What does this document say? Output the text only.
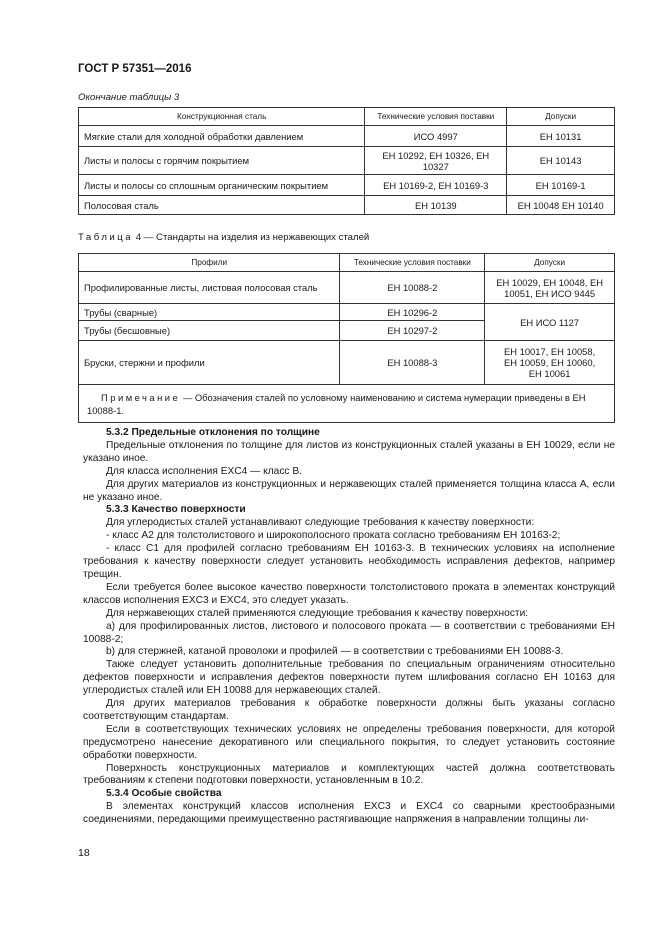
ГОСТ Р 57351—2016
Окончание таблицы 3
Конструкционная сталь	Технические условия поставки	Допуски
Мягкие стали для холодной обработки давлением	ИСО 4997	ЕН 10131
Листы и полосы с горячим покрытием	ЕН 10292, ЕН 10326, ЕН 10327	ЕН 10143
Листы и полосы со сплошным органическим покрытием	ЕН 10169-2, ЕН 10169-3	ЕН 10169-1
Полосовая сталь	ЕН 10139	ЕН 10048 ЕН 10140
Таблица 4 — Стандарты на изделия из нержавеющих сталей
Профили	Технические условия поставки	Допуски
Профилированные листы, листовая полосовая сталь	ЕН 10088-2	ЕН 10029, ЕН 10048, ЕН 10051, ЕН ИСО 9445
Трубы (сварные)	ЕН 10296-2	ЕН ИСО 1127
Трубы (бесшовные)	ЕН 10297-2	
Бруски, стержни и профили	ЕН 10088-3	ЕН 10017, ЕН 10058, ЕН 10059, ЕН 10060, ЕН 10061
Примечание — Обозначения сталей по условному наименованию и система нумерации приведены в ЕН 10088-1.		

5.3.2 Предельные отклонения по толщине

Предельные отклонения по толщине для листов из конструкционных сталей указаны в ЕН 10029, если не указано иное.

Для класса исполнения EXC4 — класс B.

Для других материалов из конструкционных и нержавеющих сталей применяется толщина класса А, если не указано иное.

5.3.3 Качество поверхности

Для углеродистых сталей устанавливают следующие требования к качеству поверхности:

- класс А2 для толстолистового и широкополосного проката согласно требованиям ЕН 10163-2;

- класс С1 для профилей согласно требованиям ЕН 10163-3. В технических условиях на исполнение требования к качеству поверхности следует установить необходимость исправления дефектов, например трещин.

Если требуется более высокое качество поверхности толстолистового проката в элементах конструкций классов исполнения EXC3 и EXC4, это следует указать.

Для нержавеющих сталей применяются следующие требования к качеству поверхности:

a) для профилированных листов, листового и полосового проката — в соответствии с требованиями ЕН 10088-2;

b) для стержней, катаной проволоки и профилей — в соответствии с требованиями ЕН 10088-3.

Также следует установить дополнительные требования по специальным ограничениям относительно дефектов поверхности и исправления дефектов поверхности путем шлифования согласно ЕН 10163 для углеродистых сталей или ЕН 10088 для нержавеющих сталей.

Для других материалов требования к обработке поверхности должны быть указаны согласно соответствующим стандартам.

Если в соответствующих технических условиях не определены требования поверхности, для которой предусмотрено нанесение декоративного или специального покрытия, то следует установить состояние обработки поверхности.

Поверхность конструкционных материалов и комплектующих частей должна соответствовать требованиям к степени подготовки поверхности, установленным в 10.2.

5.3.4 Особые свойства

В элементах конструкций классов исполнения EXC3 и EXC4 со сварными крестообразными соединениями, передающими преимущественно растягивающие напряжения в направлении толщины ли-

18
